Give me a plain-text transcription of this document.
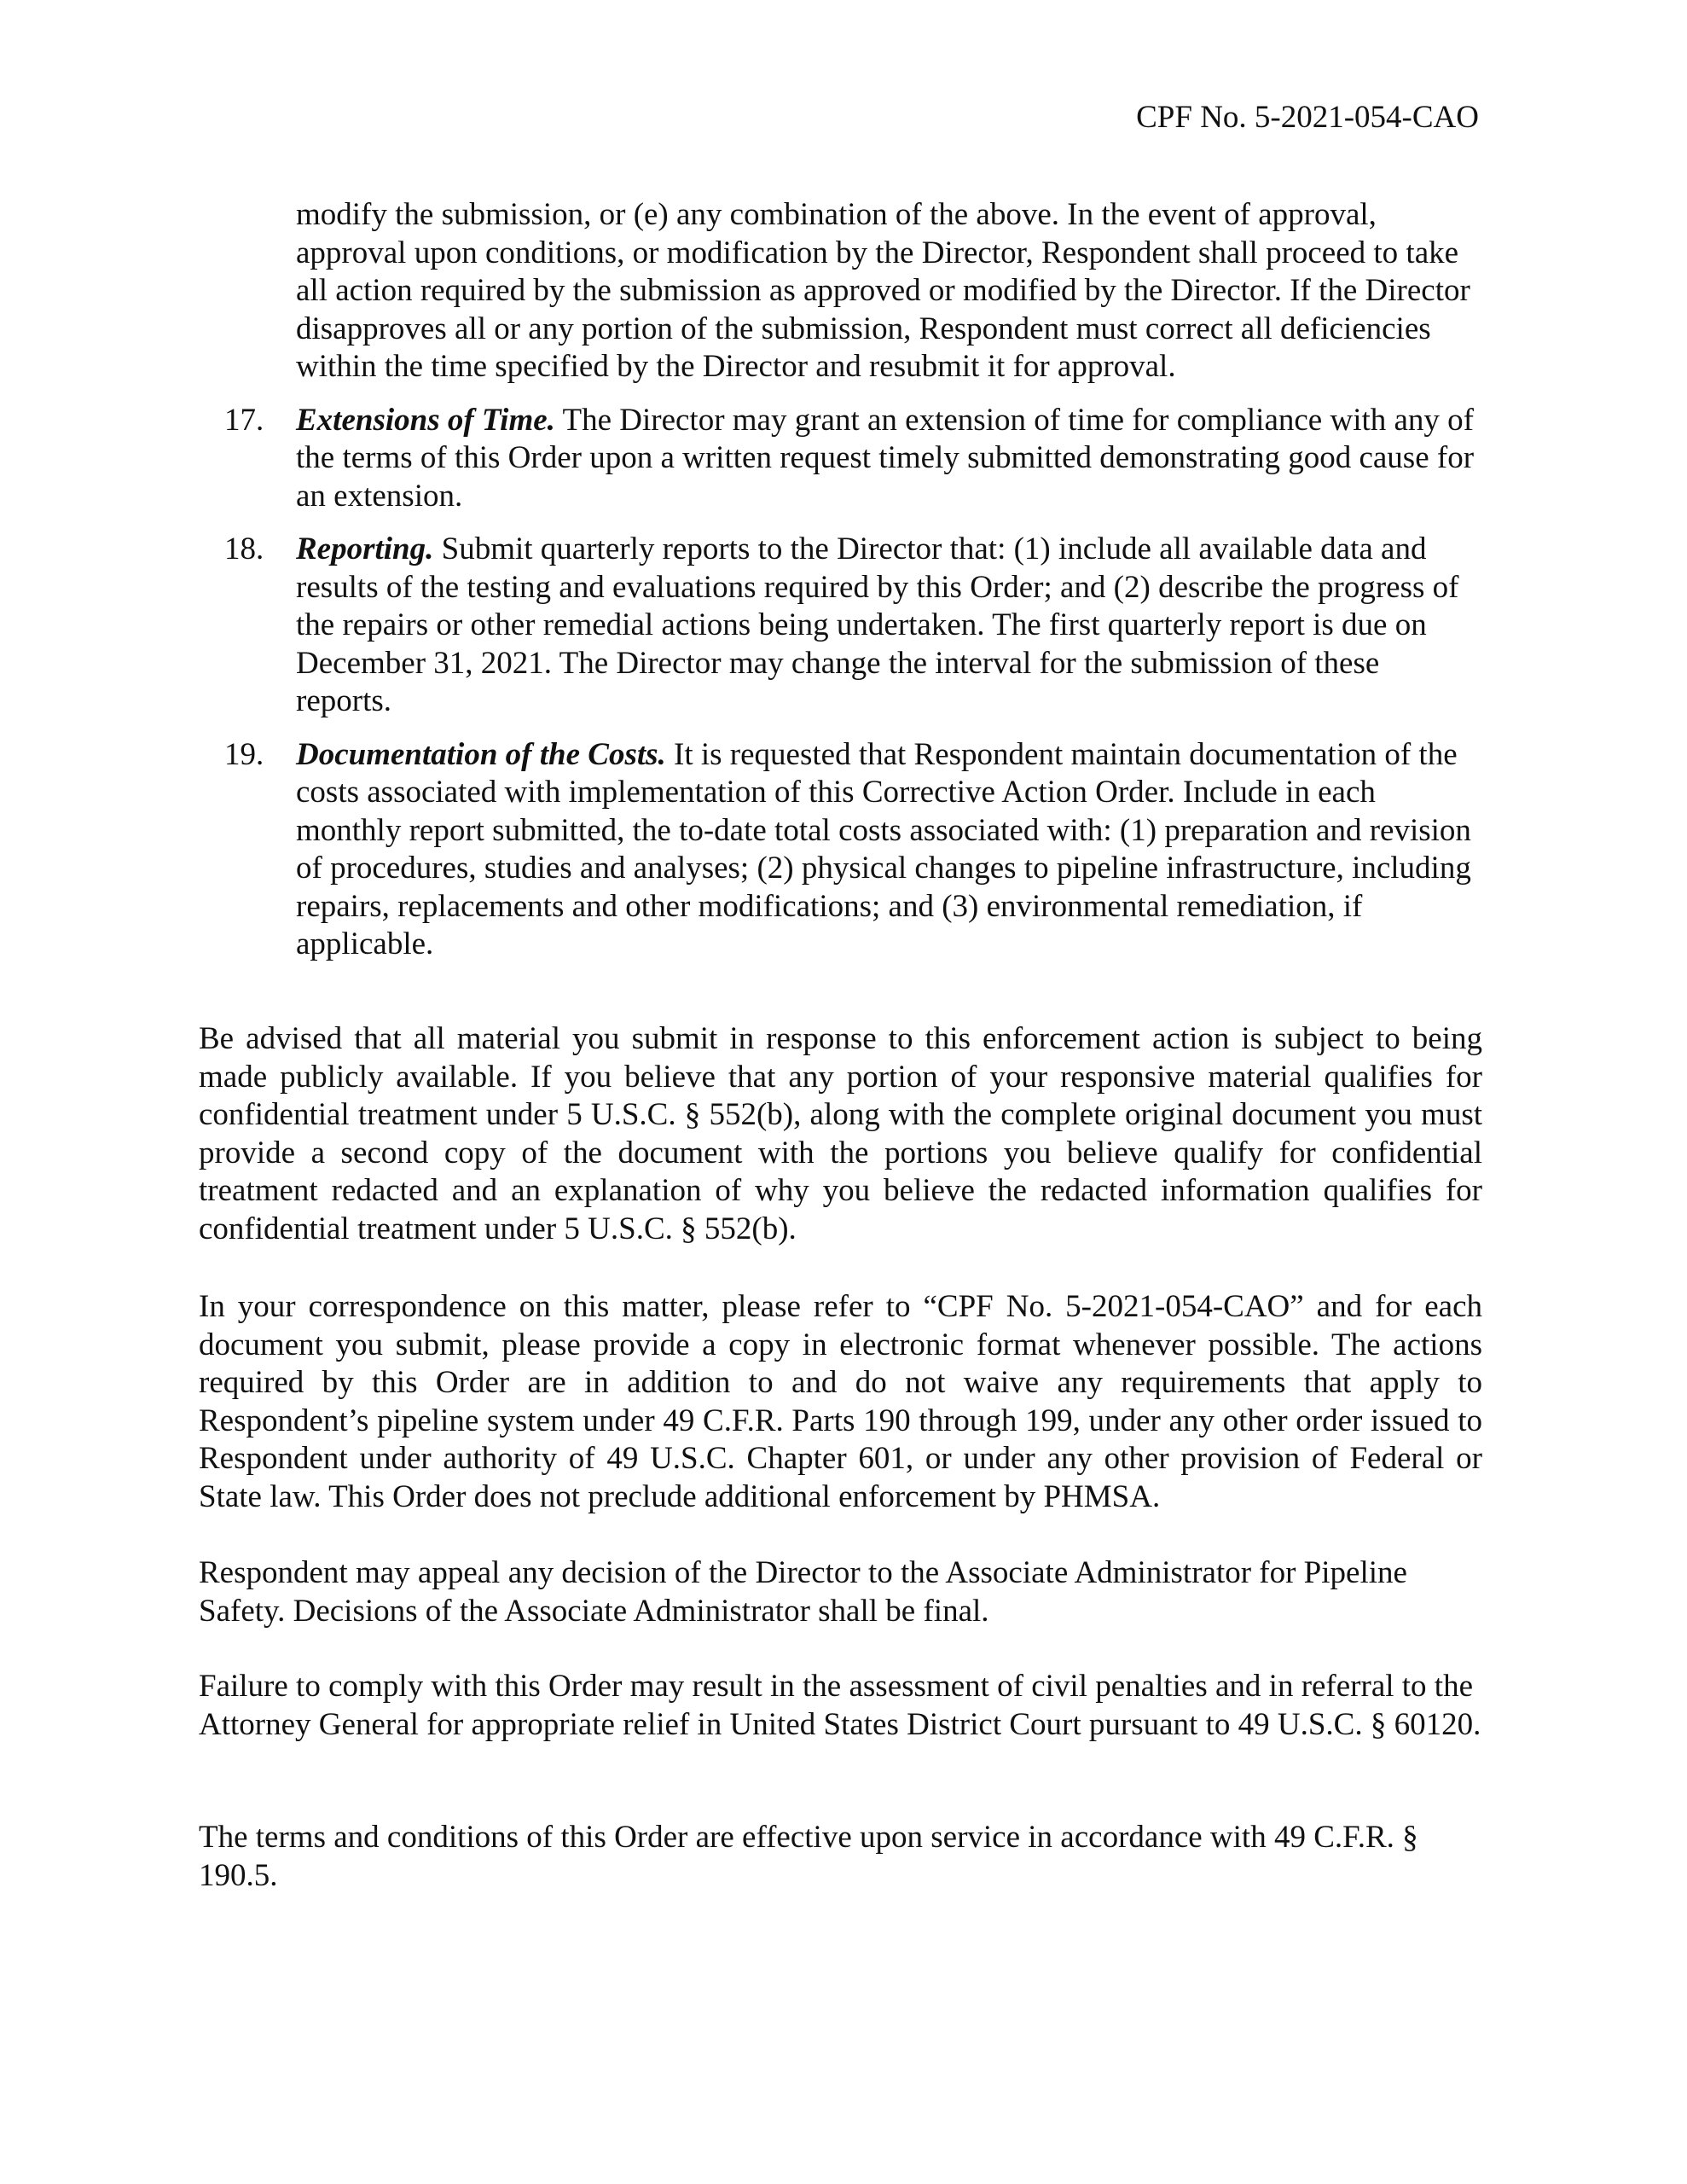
CPF No. 5-2021-054-CAO
modify the submission, or (e) any combination of the above. In the event of approval, approval upon conditions, or modification by the Director, Respondent shall proceed to take all action required by the submission as approved or modified by the Director. If the Director disapproves all or any portion of the submission, Respondent must correct all deficiencies within the time specified by the Director and resubmit it for approval.
17.	Extensions of Time. The Director may grant an extension of time for compliance with any of the terms of this Order upon a written request timely submitted demonstrating good cause for an extension.
18.	Reporting. Submit quarterly reports to the Director that: (1) include all available data and results of the testing and evaluations required by this Order; and (2) describe the progress of the repairs or other remedial actions being undertaken. The first quarterly report is due on December 31, 2021. The Director may change the interval for the submission of these reports.
19.	Documentation of the Costs. It is requested that Respondent maintain documentation of the costs associated with implementation of this Corrective Action Order. Include in each monthly report submitted, the to-date total costs associated with: (1) preparation and revision of procedures, studies and analyses; (2) physical changes to pipeline infrastructure, including repairs, replacements and other modifications; and (3) environmental remediation, if applicable.
Be advised that all material you submit in response to this enforcement action is subject to being made publicly available. If you believe that any portion of your responsive material qualifies for confidential treatment under 5 U.S.C. § 552(b), along with the complete original document you must provide a second copy of the document with the portions you believe qualify for confidential treatment redacted and an explanation of why you believe the redacted information qualifies for confidential treatment under 5 U.S.C. § 552(b).
In your correspondence on this matter, please refer to “CPF No. 5-2021-054-CAO” and for each document you submit, please provide a copy in electronic format whenever possible. The actions required by this Order are in addition to and do not waive any requirements that apply to Respondent’s pipeline system under 49 C.F.R. Parts 190 through 199, under any other order issued to Respondent under authority of 49 U.S.C. Chapter 601, or under any other provision of Federal or State law. This Order does not preclude additional enforcement by PHMSA.
Respondent may appeal any decision of the Director to the Associate Administrator for Pipeline Safety. Decisions of the Associate Administrator shall be final.
Failure to comply with this Order may result in the assessment of civil penalties and in referral to the Attorney General for appropriate relief in United States District Court pursuant to 49 U.S.C. § 60120.
The terms and conditions of this Order are effective upon service in accordance with 49 C.F.R. § 190.5.
